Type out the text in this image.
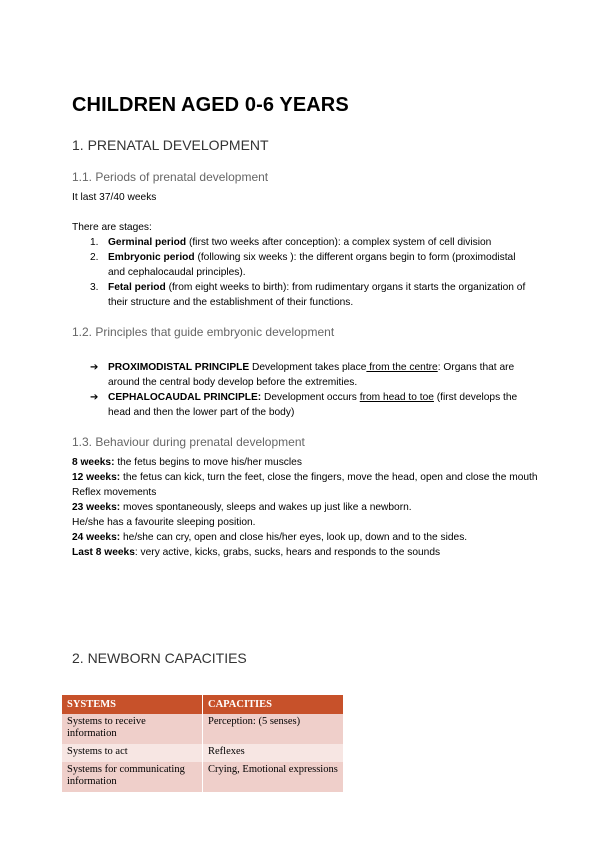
CHILDREN AGED 0-6 YEARS
1. PRENATAL DEVELOPMENT
1.1. Periods of prenatal development
It last 37/40 weeks
There are stages:
1. Germinal period (first two weeks after conception): a complex system of cell division
2. Embryonic period (following six weeks ): the different organs begin to form (proximodistal and cephalocaudal principles).
3. Fetal period (from eight weeks to birth): from rudimentary organs it starts the organization of their structure and the establishment of their functions.
1.2. Principles that guide embryonic development
➔ PROXIMODISTAL PRINCIPLE Development takes place from the centre: Organs that are around the central body develop before the extremities.
➔ CEPHALOCAUDAL PRINCIPLE: Development occurs from head to toe (first develops the head and then the lower part of the body)
1.3. Behaviour during prenatal development
8 weeks: the fetus begins to move his/her muscles
12 weeks: the fetus can kick, turn the feet, close the fingers, move the head, open and close the mouth Reflex movements
23 weeks: moves spontaneously, sleeps and wakes up just like a newborn.
He/she has a favourite sleeping position.
24 weeks: he/she can cry, open and close his/her eyes, look up, down and to the sides.
Last 8 weeks: very active, kicks, grabs, sucks, hears and responds to the sounds
2. NEWBORN CAPACITIES
SYSTEMS	CAPACITIES
Systems to receive information	Perception: (5 senses)
Systems to act	Reflexes
Systems for communicating information	Crying, Emotional expressions
